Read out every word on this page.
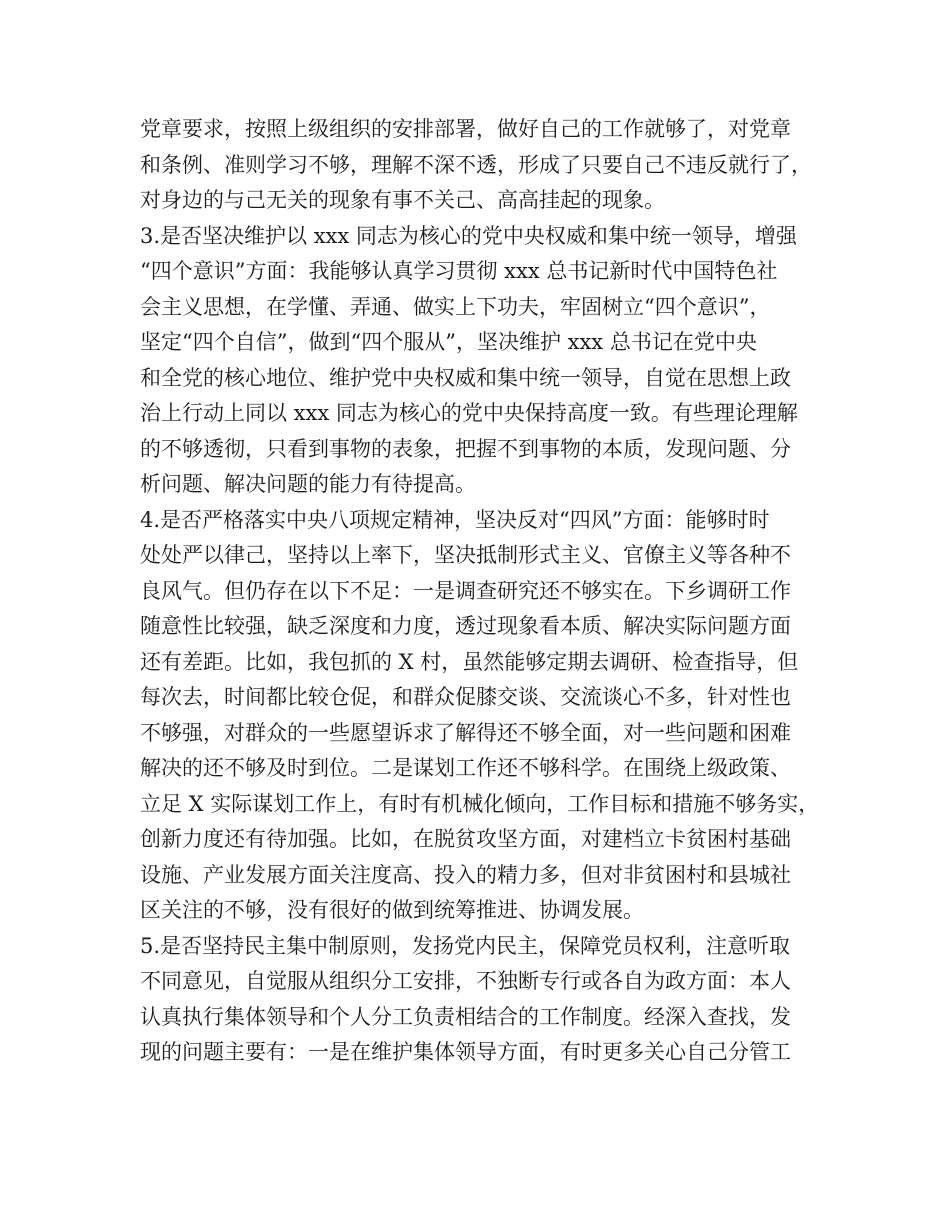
党章要求，按照上级组织的安排部署，做好自己的工作就够了，对党章
和条例、准则学习不够，理解不深不透，形成了只要自己不违反就行了，
对身边的与己无关的现象有事不关己、高高挂起的现象。
3.是否坚决维护以 xxx 同志为核心的党中央权威和集中统一领导，增强
“四个意识”方面：我能够认真学习贯彻 xxx 总书记新时代中国特色社
会主义思想，在学懂、弄通、做实上下功夫，牢固树立“四个意识”，
坚定“四个自信”，做到“四个服从”，坚决维护 xxx 总书记在党中央
和全党的核心地位、维护党中央权威和集中统一领导，自觉在思想上政
治上行动上同以 xxx 同志为核心的党中央保持高度一致。有些理论理解
的不够透彻，只看到事物的表象，把握不到事物的本质，发现问题、分
析问题、解决问题的能力有待提高。
4.是否严格落实中央八项规定精神，坚决反对“四风”方面：能够时时
处处严以律己，坚持以上率下，坚决抵制形式主义、官僚主义等各种不
良风气。但仍存在以下不足：一是调查研究还不够实在。下乡调研工作
随意性比较强，缺乏深度和力度，透过现象看本质、解决实际问题方面
还有差距。比如，我包抓的 X 村，虽然能够定期去调研、检查指导，但
每次去，时间都比较仓促，和群众促膝交谈、交流谈心不多，针对性也
不够强，对群众的一些愿望诉求了解得还不够全面，对一些问题和困难
解决的还不够及时到位。二是谋划工作还不够科学。在围绕上级政策、
立足 X 实际谋划工作上，有时有机械化倾向，工作目标和措施不够务实，
创新力度还有待加强。比如，在脱贫攻坚方面，对建档立卡贫困村基础
设施、产业发展方面关注度高、投入的精力多，但对非贫困村和县城社
区关注的不够，没有很好的做到统筹推进、协调发展。
5.是否坚持民主集中制原则，发扬党内民主，保障党员权利，注意听取
不同意见，自觉服从组织分工安排，不独断专行或各自为政方面：本人
认真执行集体领导和个人分工负责相结合的工作制度。经深入查找，发
现的问题主要有：一是在维护集体领导方面，有时更多关心自己分管工
